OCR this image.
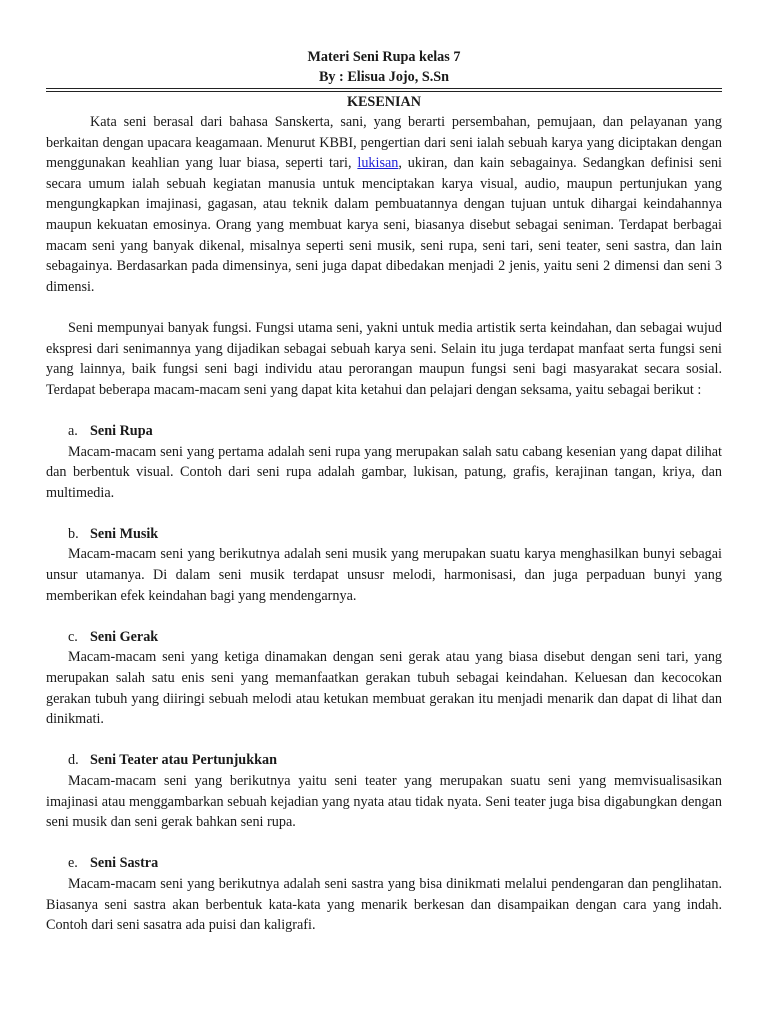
Materi Seni Rupa kelas 7
By : Elisua Jojo, S.Sn
KESENIAN

Kata seni berasal dari bahasa Sanskerta, sani, yang berarti persembahan, pemujaan, dan pelayanan yang berkaitan dengan upacara keagamaan. Menurut KBBI, pengertian dari seni ialah sebuah karya yang diciptakan dengan menggunakan keahlian yang luar biasa, seperti tari, lukisan, ukiran, dan kain sebagainya. Sedangkan definisi seni secara umum ialah sebuah kegiatan manusia untuk menciptakan karya visual, audio, maupun pertunjukan yang mengungkapkan imajinasi, gagasan, atau teknik dalam pembuatannya dengan tujuan untuk dihargai keindahannya maupun kekuatan emosinya. Orang yang membuat karya seni, biasanya disebut sebagai seniman. Terdapat berbagai macam seni yang banyak dikenal, misalnya seperti seni musik, seni rupa, seni tari, seni teater, seni sastra, dan lain sebagainya. Berdasarkan pada dimensinya, seni juga dapat dibedakan menjadi 2 jenis, yaitu seni 2 dimensi dan seni 3 dimensi.

Seni mempunyai banyak fungsi. Fungsi utama seni, yakni untuk media artistik serta keindahan, dan sebagai wujud ekspresi dari senimannya yang dijadikan sebagai sebuah karya seni. Selain itu juga terdapat manfaat serta fungsi seni yang lainnya, baik fungsi seni bagi individu atau perorangan maupun fungsi seni bagi masyarakat secara sosial. Terdapat beberapa macam-macam seni yang dapat kita ketahui dan pelajari dengan seksama, yaitu sebagai berikut :

a. Seni Rupa

Macam-macam seni yang pertama adalah seni rupa yang merupakan salah satu cabang kesenian yang dapat dilihat dan berbentuk visual. Contoh dari seni rupa adalah gambar, lukisan, patung, grafis, kerajinan tangan, kriya, dan multimedia.

b. Seni Musik

Macam-macam seni yang berikutnya adalah seni musik yang merupakan suatu karya menghasilkan bunyi sebagai unsur utamanya. Di dalam seni musik terdapat unsusr melodi, harmonisasi, dan juga perpaduan bunyi yang memberikan efek keindahan bagi yang mendengarnya.

c. Seni Gerak

Macam-macam seni yang ketiga dinamakan dengan seni gerak atau yang biasa disebut dengan seni tari, yang merupakan salah satu enis seni yang memanfaatkan gerakan tubuh sebagai keindahan. Keluesan dan kecocokan gerakan tubuh yang diiringi sebuah melodi atau ketukan membuat gerakan itu menjadi menarik dan dapat di lihat dan dinikmati.

d. Seni Teater atau Pertunjukkan

Macam-macam seni yang berikutnya yaitu seni teater yang merupakan suatu seni yang memvisualisasikan imajinasi atau menggambarkan sebuah kejadian yang nyata atau tidak nyata. Seni teater juga bisa digabungkan dengan seni musik dan seni gerak bahkan seni rupa.

e. Seni Sastra

Macam-macam seni yang berikutnya adalah seni sastra yang bisa dinikmati melalui pendengaran dan penglihatan. Biasanya seni sastra akan berbentuk kata-kata yang menarik berkesan dan disampaikan dengan cara yang indah. Contoh dari seni sasatra ada puisi dan kaligrafi.
